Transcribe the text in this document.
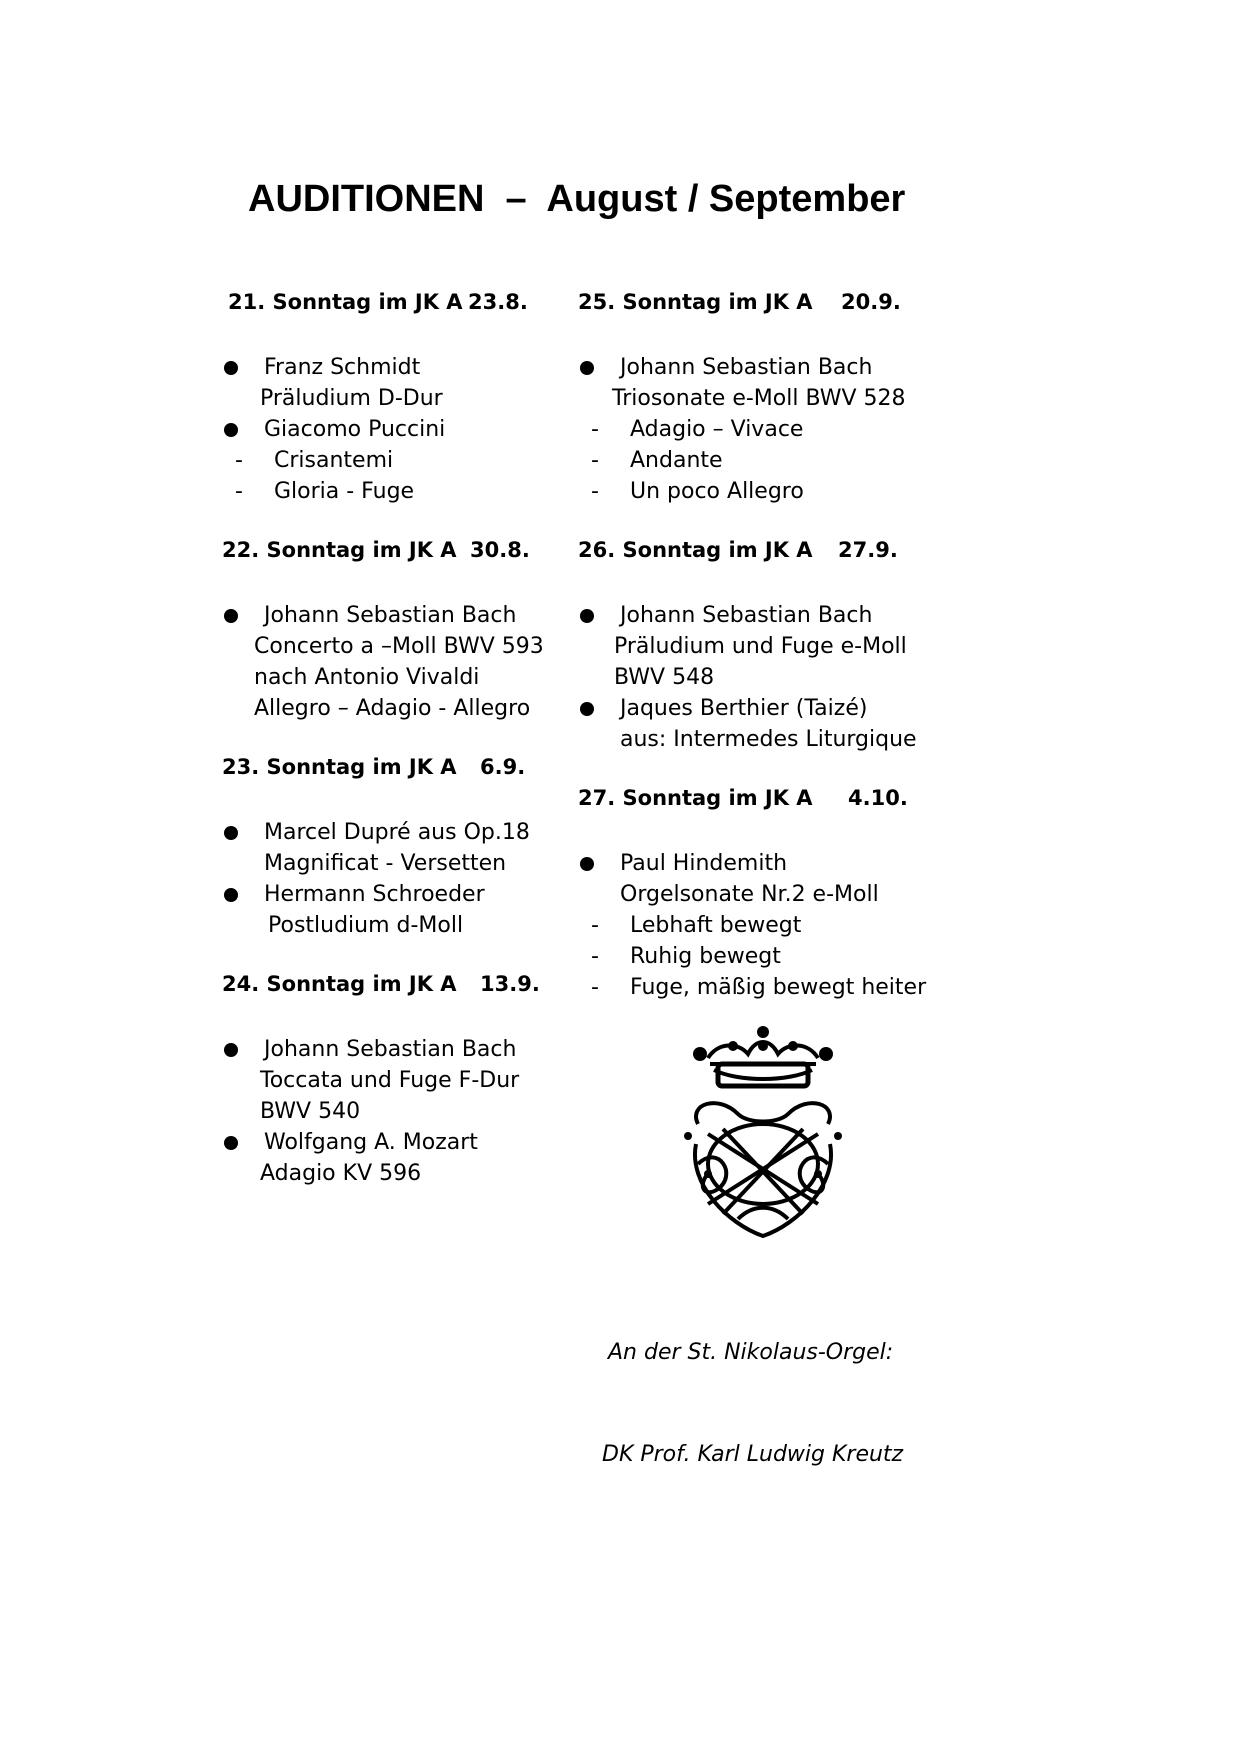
AUDITIONEN  –  August / September
21. Sonntag im JK A 23.8.
Franz Schmidt
Präludium D-Dur
Giacomo Puccini
- Crisantemi
- Gloria - Fuge
22. Sonntag im JK A 30.8.
Johann Sebastian Bach
Concerto a –Moll BWV 593
nach Antonio Vivaldi
Allegro – Adagio - Allegro
23. Sonntag im JK A 6.9.
Marcel Dupré aus Op.18
Magnificat - Versetten
Hermann Schroeder
Postludium d-Moll
24. Sonntag im JK A 13.9.
Johann Sebastian Bach
Toccata und Fuge F-Dur
BWV 540
Wolfgang A. Mozart
Adagio KV 596
25. Sonntag im JK A 20.9.
Johann Sebastian Bach
Triosonate e-Moll BWV 528
- Adagio – Vivace
- Andante
- Un poco Allegro
26. Sonntag im JK A 27.9.
Johann Sebastian Bach
Präludium und Fuge e-Moll
BWV 548
Jaques Berthier (Taizé)
aus: Intermedes Liturgique
27. Sonntag im JK A 4.10.
Paul Hindemith
Orgelsonate Nr.2 e-Moll
- Lebhaft bewegt
- Ruhig bewegt
- Fuge, mäßig bewegt heiter

An der St. Nikolaus-Orgel:

DK Prof. Karl Ludwig Kreutz
